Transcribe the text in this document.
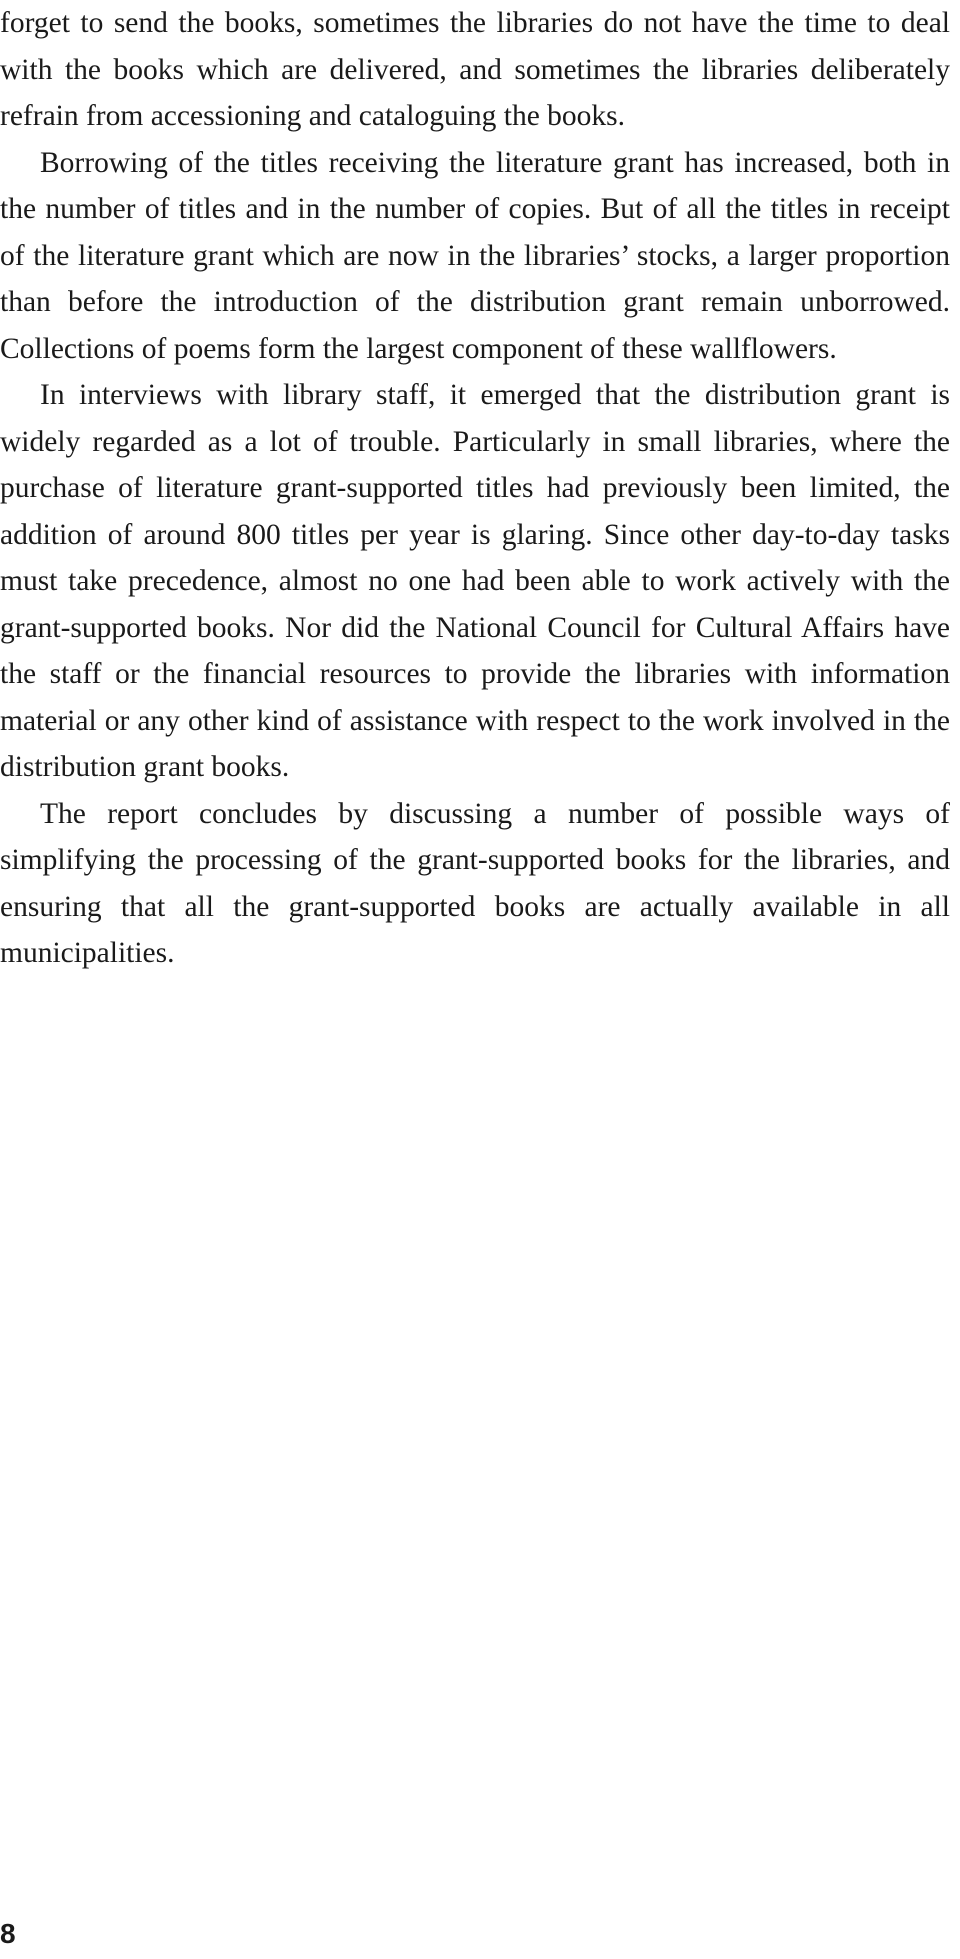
forget to send the books, sometimes the libraries do not have the time to deal with the books which are delivered, and sometimes the libraries deliberately refrain from accessioning and cataloguing the books.

Borrowing of the titles receiving the literature grant has increased, both in the number of titles and in the number of copies. But of all the titles in receipt of the literature grant which are now in the libraries’ stocks, a larger proportion than before the introduction of the distribution grant remain unborrowed. Collections of poems form the largest component of these wallflowers.

In interviews with library staff, it emerged that the distribution grant is widely regarded as a lot of trouble. Particularly in small libraries, where the purchase of literature grant-supported titles had previously been limited, the addition of around 800 titles per year is glaring. Since other day-to-day tasks must take precedence, almost no one had been able to work actively with the grant-supported books. Nor did the National Council for Cultural Affairs have the staff or the financial resources to provide the libraries with information material or any other kind of assistance with respect to the work involved in the distribution grant books.

The report concludes by discussing a number of possible ways of simplifying the processing of the grant-supported books for the libraries, and ensuring that all the grant-supported books are actually available in all municipalities.

8
